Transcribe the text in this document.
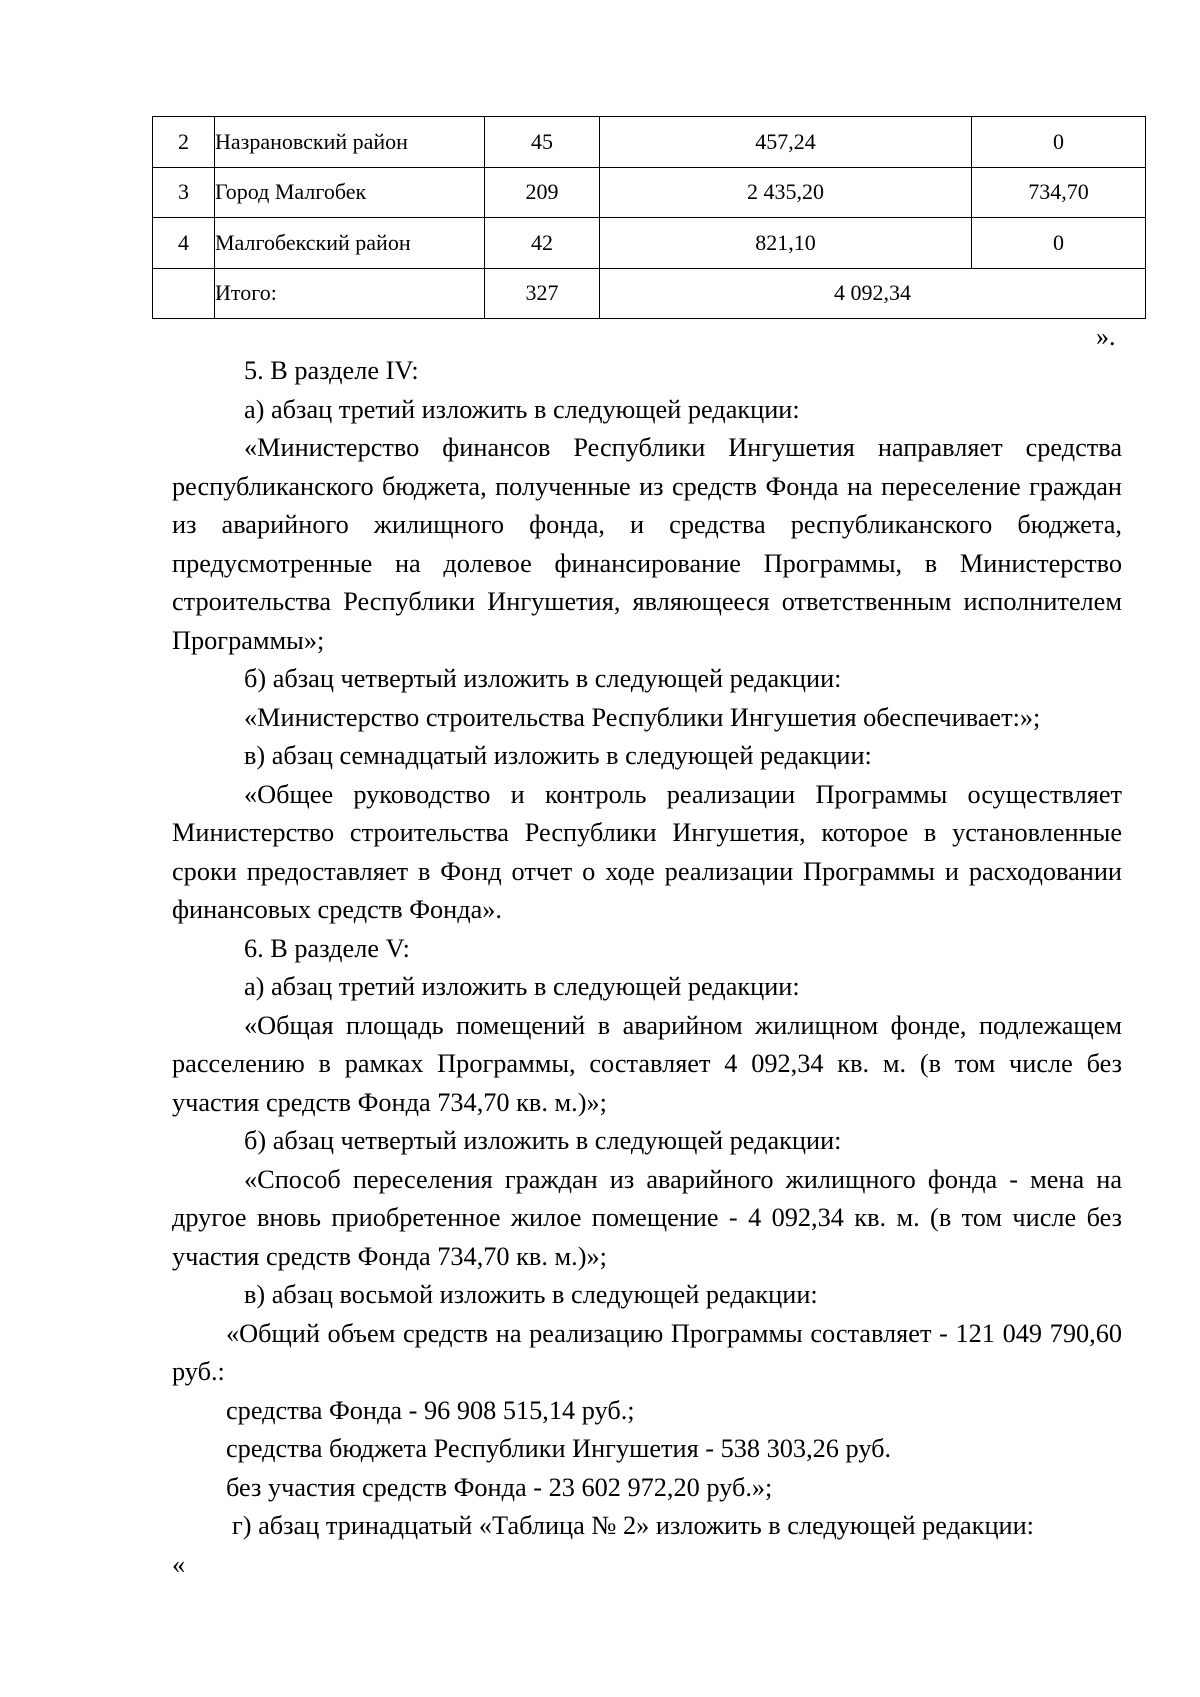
2	Назрановский район	45	457,24	0
3	Город Малгобек	209	2 435,20	734,70
4	Малгобекский район	42	821,10	0
	Итого:	327	4 092,34	
».

5. В разделе IV:

а) абзац третий изложить в следующей редакции:

«Министерство финансов Республики Ингушетия направляет средства республиканского бюджета, полученные из средств Фонда на переселение граждан из аварийного жилищного фонда, и средства республиканского бюджета, предусмотренные на долевое финансирование Программы, в Министерство строительства Республики Ингушетия, являющееся ответственным исполнителем Программы»;

б) абзац четвертый изложить в следующей редакции:

«Министерство строительства Республики Ингушетия обеспечивает:»;

в) абзац семнадцатый изложить в следующей редакции:

«Общее руководство и контроль реализации Программы осуществляет Министерство строительства Республики Ингушетия, которое в установленные сроки предоставляет в Фонд отчет о ходе реализации Программы и расходовании финансовых средств Фонда».

6. В разделе V:

а) абзац третий изложить в следующей редакции:

«Общая площадь помещений в аварийном жилищном фонде, подлежащем расселению в рамках Программы, составляет 4 092,34 кв. м. (в том числе без участия средств Фонда 734,70 кв. м.)»;

б) абзац четвертый изложить в следующей редакции:

«Способ переселения граждан из аварийного жилищного фонда - мена на другое вновь приобретенное жилое помещение - 4 092,34 кв. м. (в том числе без участия средств Фонда 734,70 кв. м.)»;

в) абзац восьмой изложить в следующей редакции:

«Общий объем средств на реализацию Программы составляет - 121 049 790,60 руб.:

средства Фонда - 96 908 515,14 руб.;

средства бюджета Республики Ингушетия - 538 303,26 руб.

без участия средств Фонда - 23 602 972,20 руб.»;

г) абзац тринадцатый «Таблица № 2» изложить в следующей редакции:

«
